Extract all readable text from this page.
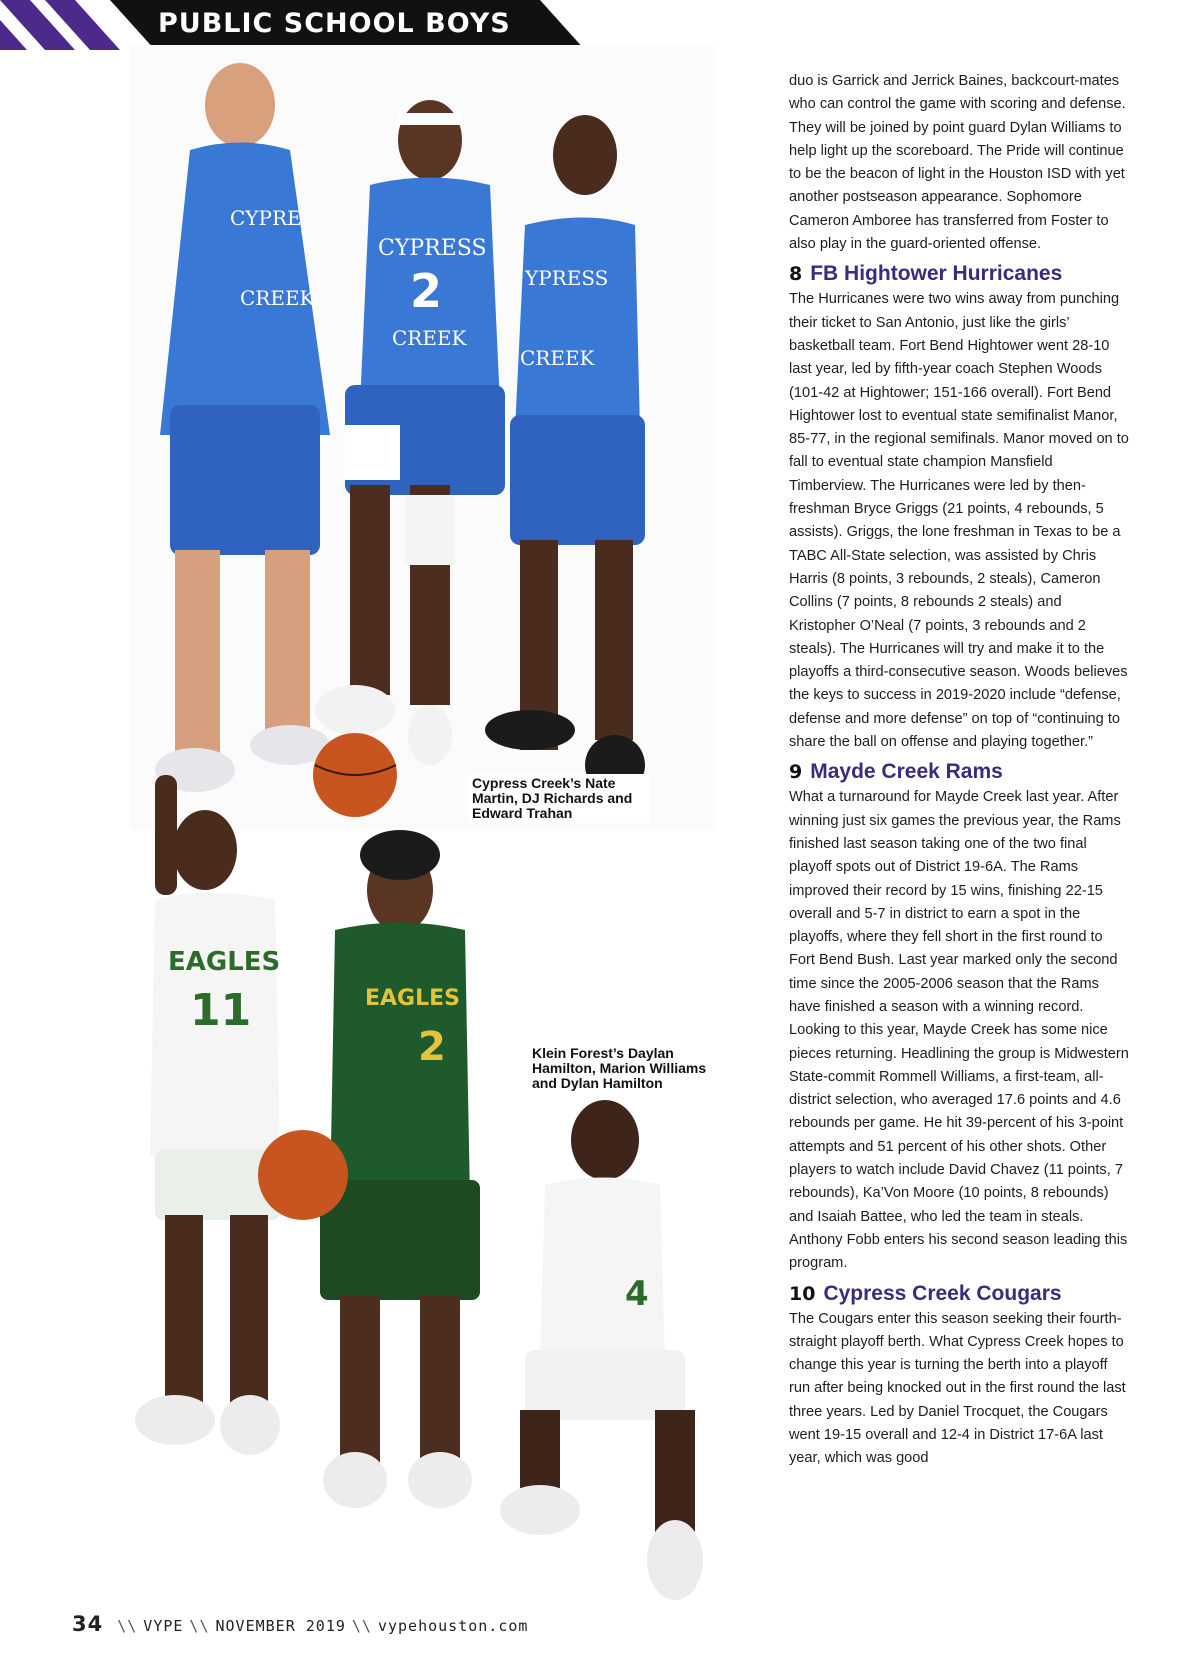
PUBLIC SCHOOL BOYS
CYPRESS
CREEK
CYPRESS
2
CREEK
YPRESS
CREEK
Cypress Creek’s Nate Martin, DJ Richards and Edward Trahan
EAGLES
11	EAGLES
2
4
Klein Forest’s Daylan Hamilton, Marion Williams and Dylan Hamilton

duo is Garrick and Jerrick Baines, backcourt-mates who can control the game with scoring and defense. They will be joined by point guard Dylan Williams to help light up the scoreboard. The Pride will continue to be the beacon of light in the Houston ISD with yet another postseason appearance. Sophomore Cameron Amboree has transferred from Foster to also play in the guard-oriented offense.

8 FB Hightower Hurricanes

The Hurricanes were two wins away from punching their ticket to San Antonio, just like the girls’ basketball team. Fort Bend Hightower went 28-10 last year, led by fifth-year coach Stephen Woods (101-42 at Hightower; 151-166 overall). Fort Bend Hightower lost to eventual state semifinalist Manor, 85-77, in the regional semifinals. Manor moved on to fall to eventual state champion Mansfield Timberview. The Hurricanes were led by then-freshman Bryce Griggs (21 points, 4 rebounds, 5 assists). Griggs, the lone freshman in Texas to be a TABC All-State selection, was assisted by Chris Harris (8 points, 3 rebounds, 2 steals), Cameron Collins (7 points, 8 rebounds 2 steals) and Kristopher O’Neal (7 points, 3 rebounds and 2 steals). The Hurricanes will try and make it to the playoffs a third-consecutive season. Woods believes the keys to success in 2019-2020 include “defense, defense and more defense” on top of “continuing to share the ball on offense and playing together.”

9 Mayde Creek Rams

What a turnaround for Mayde Creek last year. After winning just six games the previous year, the Rams finished last season taking one of the two final playoff spots out of District 19-6A. The Rams improved their record by 15 wins, finishing 22-15 overall and 5-7 in district to earn a spot in the playoffs, where they fell short in the first round to Fort Bend Bush. Last year marked only the second time since the 2005-2006 season that the Rams have finished a season with a winning record. Looking to this year, Mayde Creek has some nice pieces returning. Headlining the group is Midwestern State-commit Rommell Williams, a first-team, all-district selection, who averaged 17.6 points and 4.6 rebounds per game. He hit 39-percent of his 3-point attempts and 51 percent of his other shots. Other players to watch include David Chavez (11 points, 7 rebounds), Ka’Von Moore (10 points, 8 rebounds) and Isaiah Battee, who led the team in steals. Anthony Fobb enters his second season leading this program.

10 Cypress Creek Cougars

The Cougars enter this season seeking their fourth-straight playoff berth. What Cypress Creek hopes to change this year is turning the berth into a playoff run after being knocked out in the first round the last three years. Led by Daniel Trocquet, the Cougars went 19-15 overall and 12-4 in District 17-6A last year, which was good

34 \\ VYPE \\ NOVEMBER 2019 \\ vypehouston.com
